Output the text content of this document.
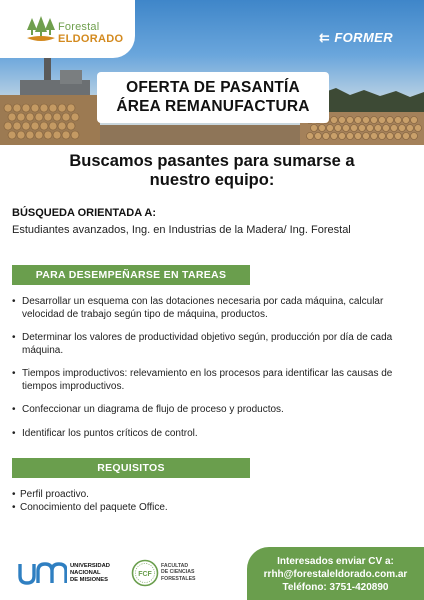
Forestal
ELDORADO	⇇ FORMER
OFERTA DE PASANTÍA
ÁREA REMANUFACTURA
Buscamos pasantes para sumarse a
nuestro equipo:
BÚSQUEDA ORIENTADA A:
Estudiantes avanzados, Ing. en Industrias de la Madera/ Ing. Forestal
PARA DESEMPEÑARSE EN TAREAS
• Desarrollar un esquema con las dotaciones necesaria por cada máquina, calcular velocidad de trabajo según tipo de máquina, productos.
• Determinar los valores de productividad objetivo según, producción por día de cada máquina.
• Tiempos improductivos: relevamiento en los procesos para identificar las causas de tiempos improductivos.
• Confeccionar un diagrama de flujo de proceso y productos.
• Identificar los puntos críticos de control.
REQUISITOS
• Perfil proactivo.
• Conocimiento del paquete Office.
UNIVERSIDAD
NACIONAL
DE MISIONES
FCF
FACULTAD
DE CIENCIAS
FORESTALES
Interesados enviar CV a:
rrhh@forestaleldorado.com.ar
Teléfono: 3751-420890
